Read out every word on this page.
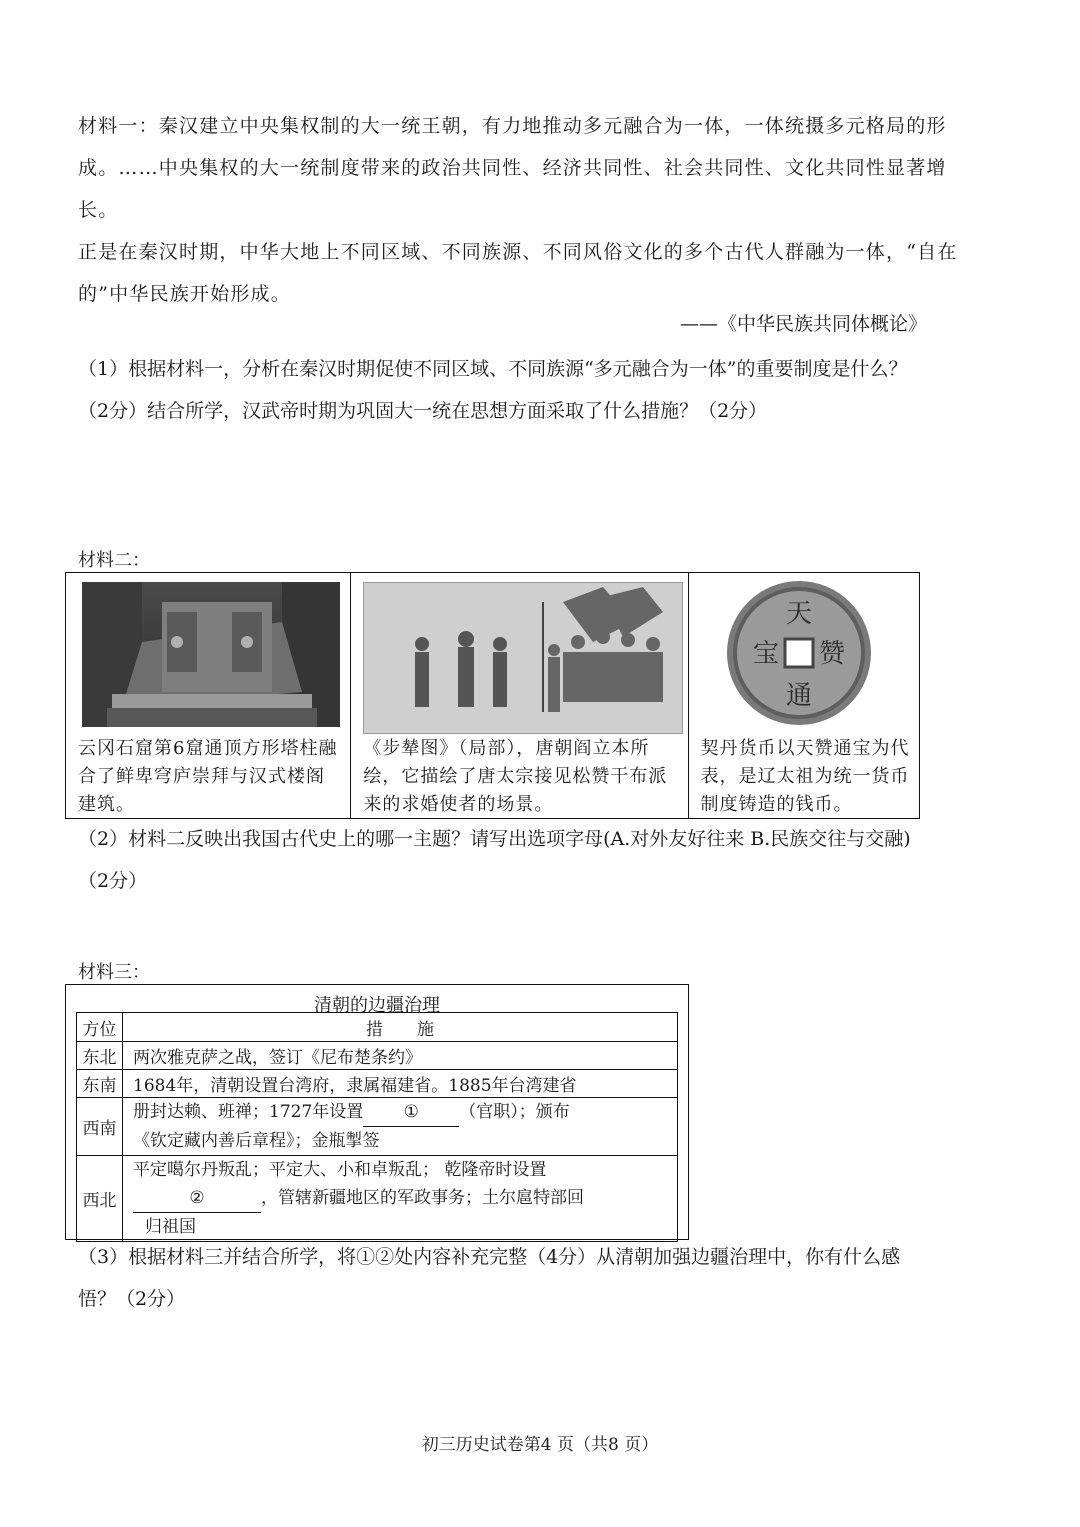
材料一：秦汉建立中央集权制的大一统王朝，有力地推动多元融合为一体，一体统摄多元格局的形
成。……中央集权的大一统制度带来的政治共同性、经济共同性、社会共同性、文化共同性显著增长。
正是在秦汉时期，中华大地上不同区域、不同族源、不同风俗文化的多个古代人群融为一体，“自在
的”中华民族开始形成。
——《中华民族共同体概论》
（1）根据材料一，分析在秦汉时期促使不同区域、不同族源“多元融合为一体”的重要制度是什么？
（2分）结合所学，汉武帝时期为巩固大一统在思想方面采取了什么措施？（2分）
材料二：
云冈石窟第6窟通顶方形塔柱融合了鲜卑穹庐崇拜与汉式楼阁建筑。
《步辇图》（局部），唐朝阎立本所绘，它描绘了唐太宗接见松赞干布派来的求婚使者的场景。
天
赞
通
宝
契丹货币以天赞通宝为代表，是辽太祖为统一货币制度铸造的钱币。
（2）材料二反映出我国古代史上的哪一主题？请写出选项字母(A.对外友好往来 B.民族交往与交融)
（2分）
材料三：
清朝的边疆治理
方位	措　　施
东北	两次雅克萨之战，签订《尼布楚条约》
东南	1684年，清朝设置台湾府，隶属福建省。1885年台湾建省
西南	册封达赖、班禅；1727年设置 ① （官职）；颁布
《钦定藏内善后章程》；金瓶掣签

西北	平定噶尔丹叛乱；平定大、小和卓叛乱； 乾隆帝时设置
② ，管辖新疆地区的军政事务；土尔扈特部回
归祖国
（3）根据材料三并结合所学，将①②处内容补充完整（4分）从清朝加强边疆治理中，你有什么感
悟？（2分）
初三历史试卷第4 页（共8 页）
